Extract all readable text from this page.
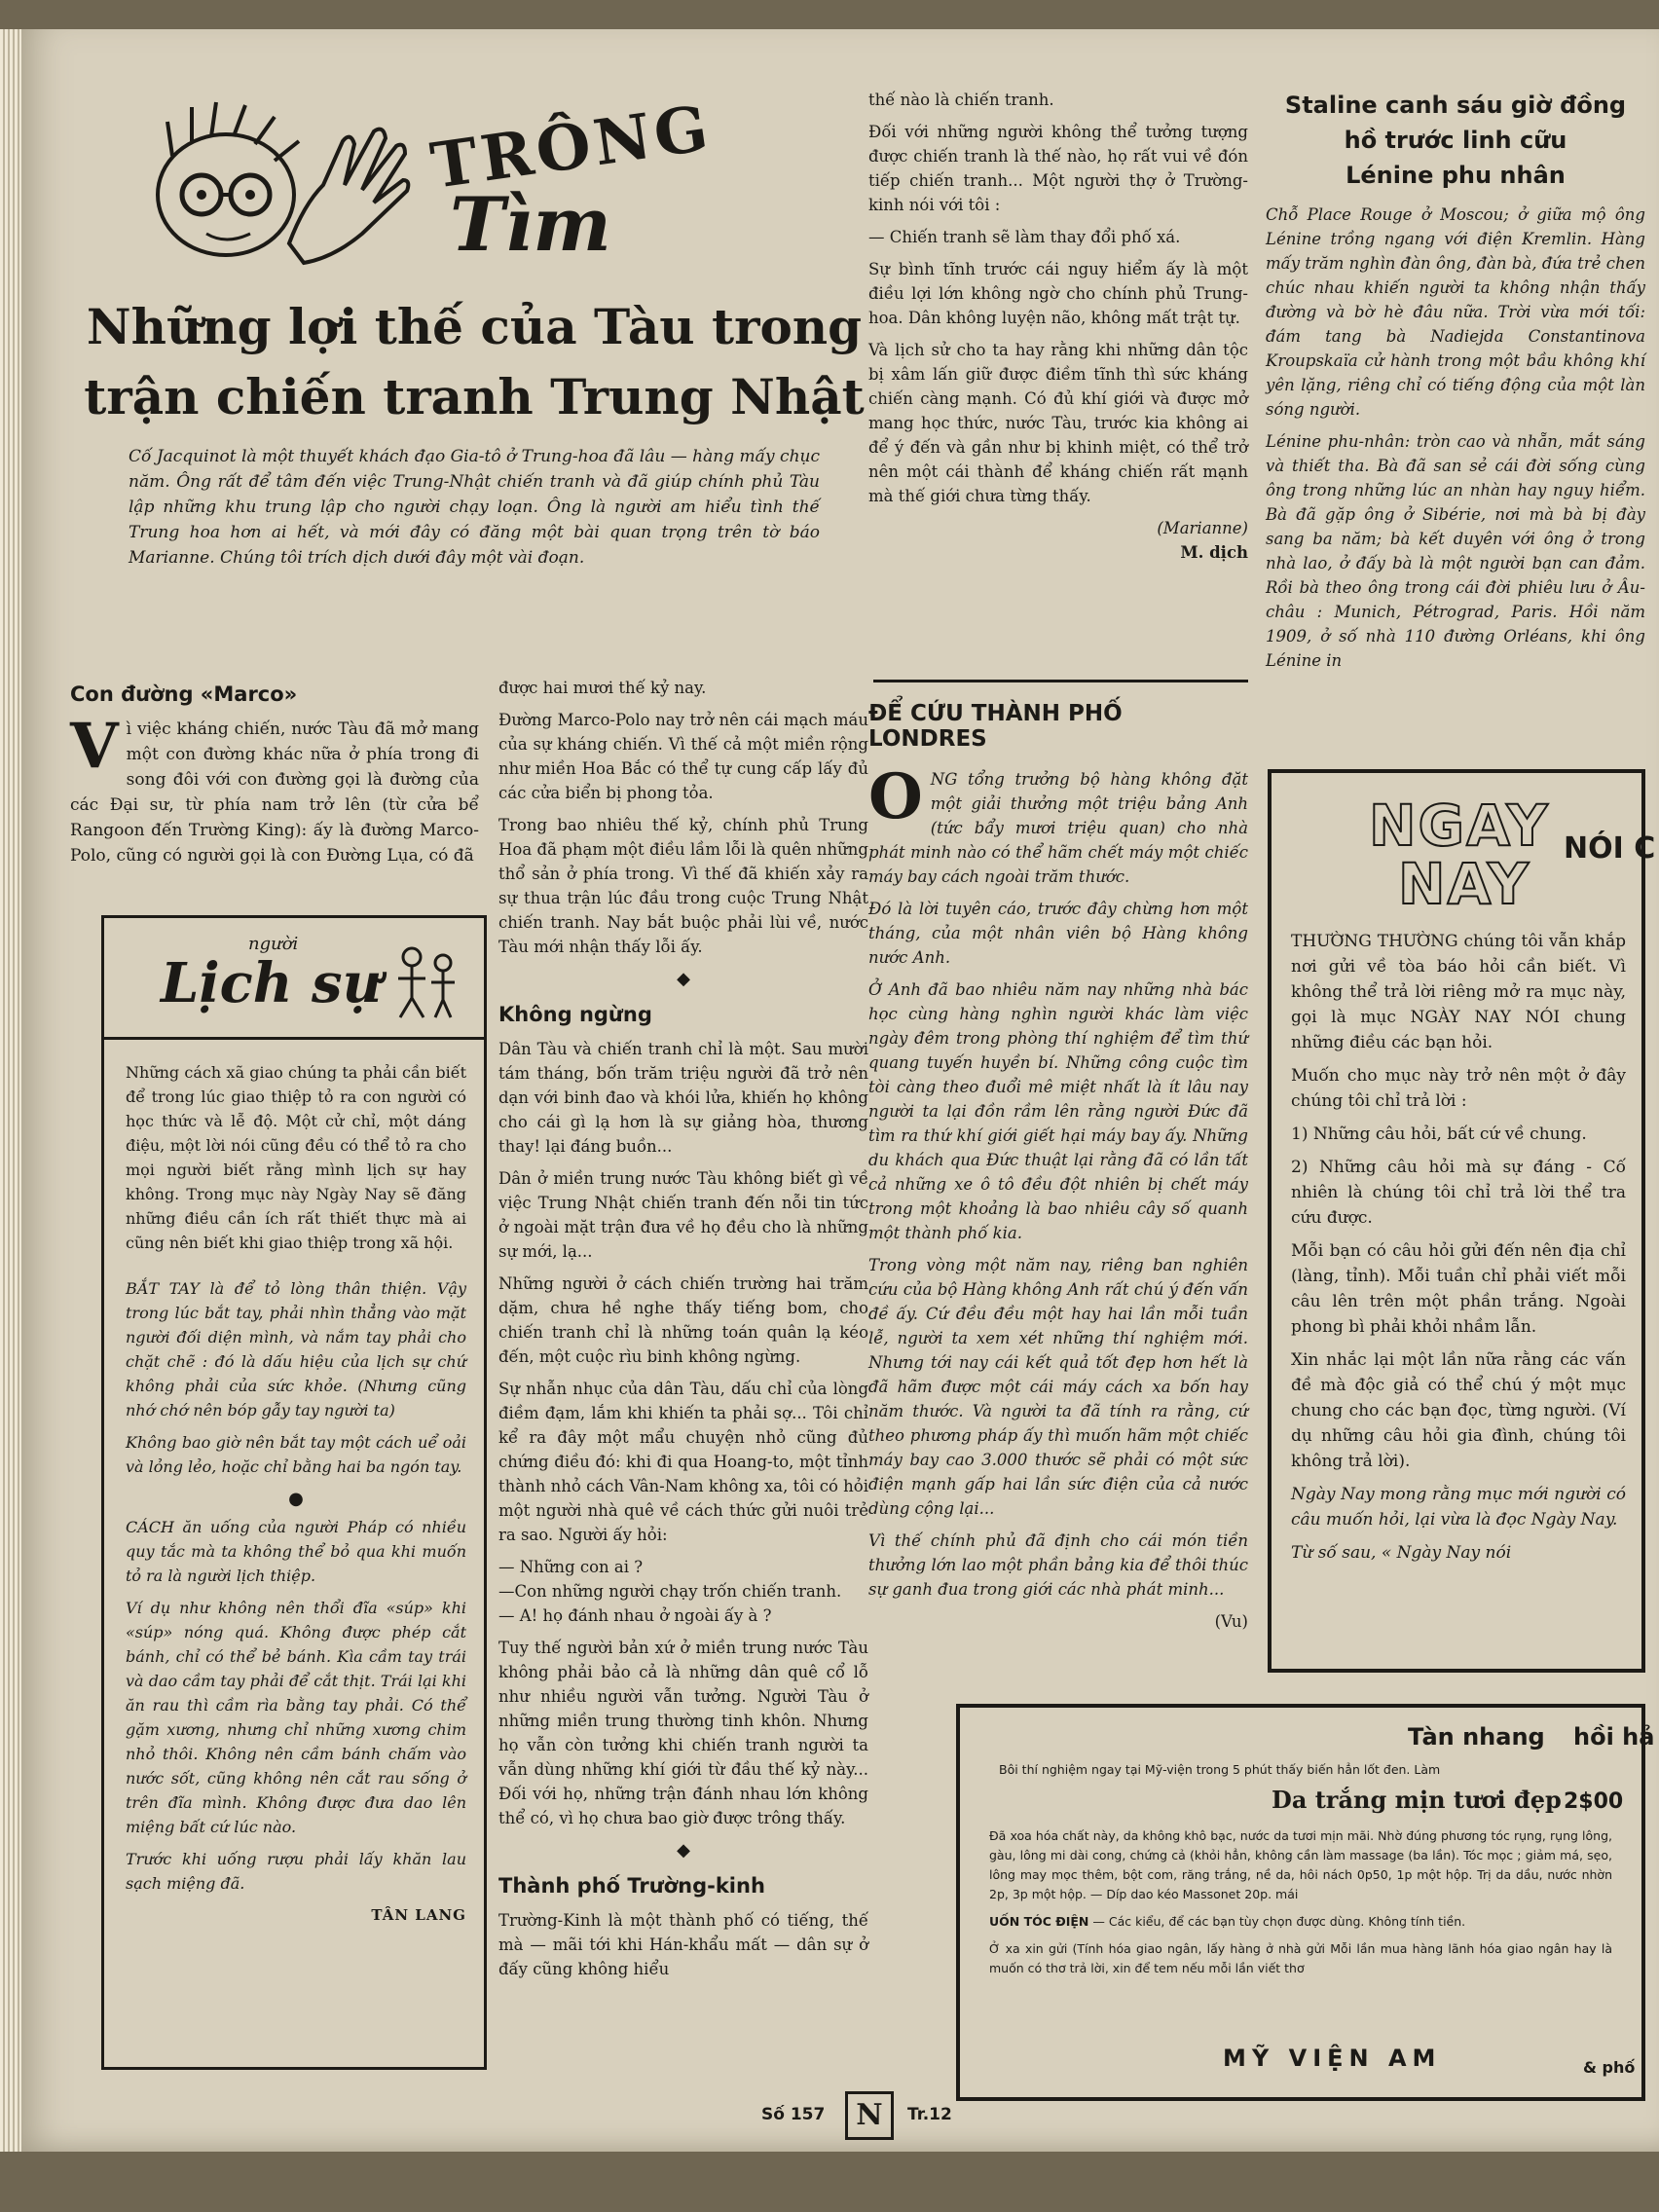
TRÔNG
Tìm
Những lợi thế của Tàu trong
trận chiến tranh Trung Nhật
Cố Jacquinot là một thuyết khách đạo Gia-tô ở Trung-hoa đã lâu — hàng mấy chục năm. Ông rất để tâm đến việc Trung-Nhật chiến tranh và đã giúp chính phủ Tàu lập những khu trung lập cho người chạy loạn. Ông là người am hiểu tình thế Trung hoa hơn ai hết, và mới đây có đăng một bài quan trọng trên tờ báo Marianne. Chúng tôi trích dịch dưới đây một vài đoạn.
Con đường «Marco»

Vì việc kháng chiến, nước Tàu đã mở mang một con đường khác nữa ở phía trong đi song đôi với con đường gọi là đường của các Đại sư, từ phía nam trở lên (từ cửa bể Rangoon đến Trường King): ấy là đường Marco-Polo, cũng có người gọi là con Đường Lụa, có đã

người
Lịch sự

Những cách xã giao chúng ta phải cần biết để trong lúc giao thiệp tỏ ra con người có học thức và lễ độ. Một cử chỉ, một dáng điệu, một lời nói cũng đều có thể tỏ ra cho mọi người biết rằng mình lịch sự hay không. Trong mục này Ngày Nay sẽ đăng những điều cần ích rất thiết thực mà ai cũng nên biết khi giao thiệp trong xã hội.

BẮT TAY là để tỏ lòng thân thiện. Vậy trong lúc bắt tay, phải nhìn thẳng vào mặt người đối diện mình, và nắm tay phải cho chặt chẽ : đó là dấu hiệu của lịch sự chứ không phải của sức khỏe. (Nhưng cũng nhớ chớ nên bóp gẫy tay người ta)

Không bao giờ nên bắt tay một cách uể oải và lỏng lẻo, hoặc chỉ bằng hai ba ngón tay.

●

CÁCH ăn uống của người Pháp có nhiều quy tắc mà ta không thể bỏ qua khi muốn tỏ ra là người lịch thiệp.

Ví dụ như không nên thổi đĩa «súp» khi «súp» nóng quá. Không được phép cắt bánh, chỉ có thể bẻ bánh. Kìa cầm tay trái và dao cầm tay phải để cắt thịt. Trái lại khi ăn rau thì cầm rìa bằng tay phải. Có thể gặm xương, nhưng chỉ những xương chim nhỏ thôi. Không nên cầm bánh chấm vào nước sốt, cũng không nên cắt rau sống ở trên đĩa mình. Không được đưa dao lên miệng bất cứ lúc nào.

Trước khi uống rượu phải lấy khăn lau sạch miệng đã.

TÂN LANG

được hai mươi thế kỷ nay.

Đường Marco-Polo nay trở nên cái mạch máu của sự kháng chiến. Vì thế cả một miền rộng như miền Hoa Bắc có thể tự cung cấp lấy đủ các cửa biển bị phong tỏa.

Trong bao nhiêu thế kỷ, chính phủ Trung Hoa đã phạm một điều lầm lỗi là quên những thổ sản ở phía trong. Vì thế đã khiến xảy ra sự thua trận lúc đầu trong cuộc Trung Nhật chiến tranh. Nay bắt buộc phải lùi về, nước Tàu mới nhận thấy lỗi ấy.

◆
Không ngừng

Dân Tàu và chiến tranh chỉ là một. Sau mười tám tháng, bốn trăm triệu người đã trở nên dạn với binh đao và khói lửa, khiến họ không cho cái gì lạ hơn là sự giảng hòa, thương thay! lại đáng buồn...

Dân ở miền trung nước Tàu không biết gì về việc Trung Nhật chiến tranh đến nỗi tin tức ở ngoài mặt trận đưa về họ đều cho là những sự mới, lạ...

Những người ở cách chiến trường hai trăm dặm, chưa hề nghe thấy tiếng bom, cho chiến tranh chỉ là những toán quân lạ kéo đến, một cuộc rìu binh không ngừng.

Sự nhẫn nhục của dân Tàu, dấu chỉ của lòng điềm đạm, lắm khi khiến ta phải sợ... Tôi chỉ kể ra đây một mẩu chuyện nhỏ cũng đủ chứng điều đó: khi đi qua Hoang-to, một tỉnh thành nhỏ cách Vân-Nam không xa, tôi có hỏi một người nhà quê về cách thức gửi nuôi trẻ ra sao. Người ấy hỏi:

— Những con ai ?

—Con những người chạy trốn chiến tranh.

— A! họ đánh nhau ở ngoài ấy à ?

Tuy thế người bản xứ ở miền trung nước Tàu không phải bảo cả là những dân quê cổ lỗ như nhiều người vẫn tưởng. Người Tàu ở những miền trung thường tinh khôn. Nhưng họ vẫn còn tưởng khi chiến tranh người ta vẫn dùng những khí giới từ đầu thế kỷ này... Đối với họ, những trận đánh nhau lớn không thể có, vì họ chưa bao giờ được trông thấy.

◆
Thành phố Trường-kinh

Trường-Kinh là một thành phố có tiếng, thế mà — mãi tới khi Hán-khẩu mất — dân sự ở đấy cũng không hiểu

thế nào là chiến tranh.

Đối với những người không thể tưởng tượng được chiến tranh là thế nào, họ rất vui về đón tiếp chiến tranh... Một người thợ ở Trường-kinh nói với tôi :

— Chiến tranh sẽ làm thay đổi phố xá.

Sự bình tĩnh trước cái nguy hiểm ấy là một điều lợi lớn không ngờ cho chính phủ Trung-hoa. Dân không luyện não, không mất trật tự.

Và lịch sử cho ta hay rằng khi những dân tộc bị xâm lấn giữ được điềm tĩnh thì sức kháng chiến càng mạnh. Có đủ khí giới và được mở mang học thức, nước Tàu, trước kia không ai để ý đến và gần như bị khinh miệt, có thể trở nên một cái thành để kháng chiến rất mạnh mà thế giới chưa từng thấy.

(Marianne)
M. dịch
ĐỂ CỨU THÀNH PHỐ LONDRES

ONG tổng trưởng bộ hàng không đặt một giải thưởng một triệu bảng Anh (tức bẩy mươi triệu quan) cho nhà phát minh nào có thể hãm chết máy một chiếc máy bay cách ngoài trăm thước.

Đó là lời tuyên cáo, trước đây chừng hơn một tháng, của một nhân viên bộ Hàng không nước Anh.

Ở Anh đã bao nhiêu năm nay những nhà bác học cùng hàng nghìn người khác làm việc ngày đêm trong phòng thí nghiệm để tìm thứ quang tuyến huyền bí. Những công cuộc tìm tòi càng theo đuổi mê miệt nhất là ít lâu nay người ta lại đồn rầm lên rằng người Đức đã tìm ra thứ khí giới giết hại máy bay ấy. Những du khách qua Đức thuật lại rằng đã có lần tất cả những xe ô tô đều đột nhiên bị chết máy trong một khoảng là bao nhiêu cây số quanh một thành phố kia.

Trong vòng một năm nay, riêng ban nghiên cứu của bộ Hàng không Anh rất chú ý đến vấn đề ấy. Cứ đều đều một hay hai lần mỗi tuần lễ, người ta xem xét những thí nghiệm mới. Nhưng tới nay cái kết quả tốt đẹp hơn hết là đã hãm được một cái máy cách xa bốn hay năm thước. Và người ta đã tính ra rằng, cứ theo phương pháp ấy thì muốn hãm một chiếc máy bay cao 3.000 thước sẽ phải có một sức điện mạnh gấp hai lần sức điện của cả nước dùng cộng lại...

Vì thế chính phủ đã định cho cái món tiền thưởng lớn lao một phần bảng kia để thôi thúc sự ganh đua trong giới các nhà phát minh...

(Vu)
Staline canh sáu giờ đồng
hồ trước linh cữu
Lénine phu nhân

Chỗ Place Rouge ở Moscou; ở giữa mộ ông Lénine trồng ngang với điện Kremlin. Hàng mấy trăm nghìn đàn ông, đàn bà, đứa trẻ chen chúc nhau khiến người ta không nhận thấy đường và bờ hè đâu nữa. Trời vừa mới tối: đám tang bà Nadiejda Constantinova Kroupskaïa cử hành trong một bầu không khí yên lặng, riêng chỉ có tiếng động của một làn sóng người.

Lénine phu-nhân: tròn cao và nhẵn, mắt sáng và thiết tha. Bà đã san sẻ cái đời sống cùng ông trong những lúc an nhàn hay nguy hiểm. Bà đã gặp ông ở Sibérie, nơi mà bà bị đày sang ba năm; bà kết duyên với ông ở trong nhà lao, ở đấy bà là một người bạn can đảm. Rồi bà theo ông trong cái đời phiêu lưu ở Âu-châu : Munich, Pétrograd, Paris. Hồi năm 1909, ở số nhà 110 đường Orléans, khi ông Lénine in

NGAY
NAY
NÓI C

THƯỜNG THƯỜNG chúng tôi vẫn khắp nơi gửi về tòa báo hỏi cần biết. Vì không thể trả lời riêng mở ra mục này, gọi là mục NGÀY NAY NÓI chung những điều các bạn hỏi.

Muốn cho mục này trở nên một ở đây chúng tôi chỉ trả lời :

1) Những câu hỏi, bất cứ về chung.

2) Những câu hỏi mà sự đáng - Cố nhiên là chúng tôi chỉ trả lời thể tra cứu được.

Mỗi bạn có câu hỏi gửi đến nên địa chỉ (làng, tỉnh). Mỗi tuần chỉ phải viết mỗi câu lên trên một phần trắng. Ngoài phong bì phải khỏi nhầm lẫn.

Xin nhắc lại một lần nữa rằng các vấn đề mà độc giả có thể chú ý một mục chung cho các bạn đọc, từng người. (Ví dụ những câu hỏi gia đình, chúng tôi không trả lời).

Ngày Nay mong rằng mục mới người có câu muốn hỏi, lại vừa là đọc Ngày Nay.

Từ số sau, « Ngày Nay nói

Tàn nhang hồi hả
Bôi thí nghiệm ngay tại Mỹ-viện trong 5 phút thấy biến hẳn lốt đen. Làm
Da trắng mịn tươi đẹp 2$00

Đã xoa hóa chất này, da không khô bạc, nước da tươi mịn mãi. Nhờ đúng phương tóc rụng, rụng lông, gàu, lông mi dài cong, chứng cả (khỏi hẳn, không cần làm massage (ba lần). Tóc mọc ; giảm má, sẹo, lông may mọc thêm, bột com, răng trắng, nề da, hôi nách 0p50, 1p một hộp. Trị da dầu, nước nhờn 2p, 3p một hộp. — Díp dao kéo Massonet 20p. mái

UỐN TÓC ĐIỆN — Các kiểu, để các bạn tùy chọn được dùng. Không tính tiền.

Ở xa xin gửi (Tính hóa giao ngân, lấy hàng ở nhà gửi Mỗi lần mua hàng lãnh hóa giao ngân hay là muốn có thơ trả lời, xin để tem nếu mỗi lần viết thơ

MỸ VIỆN AM	& phố
Số 157	N	Tr.12
